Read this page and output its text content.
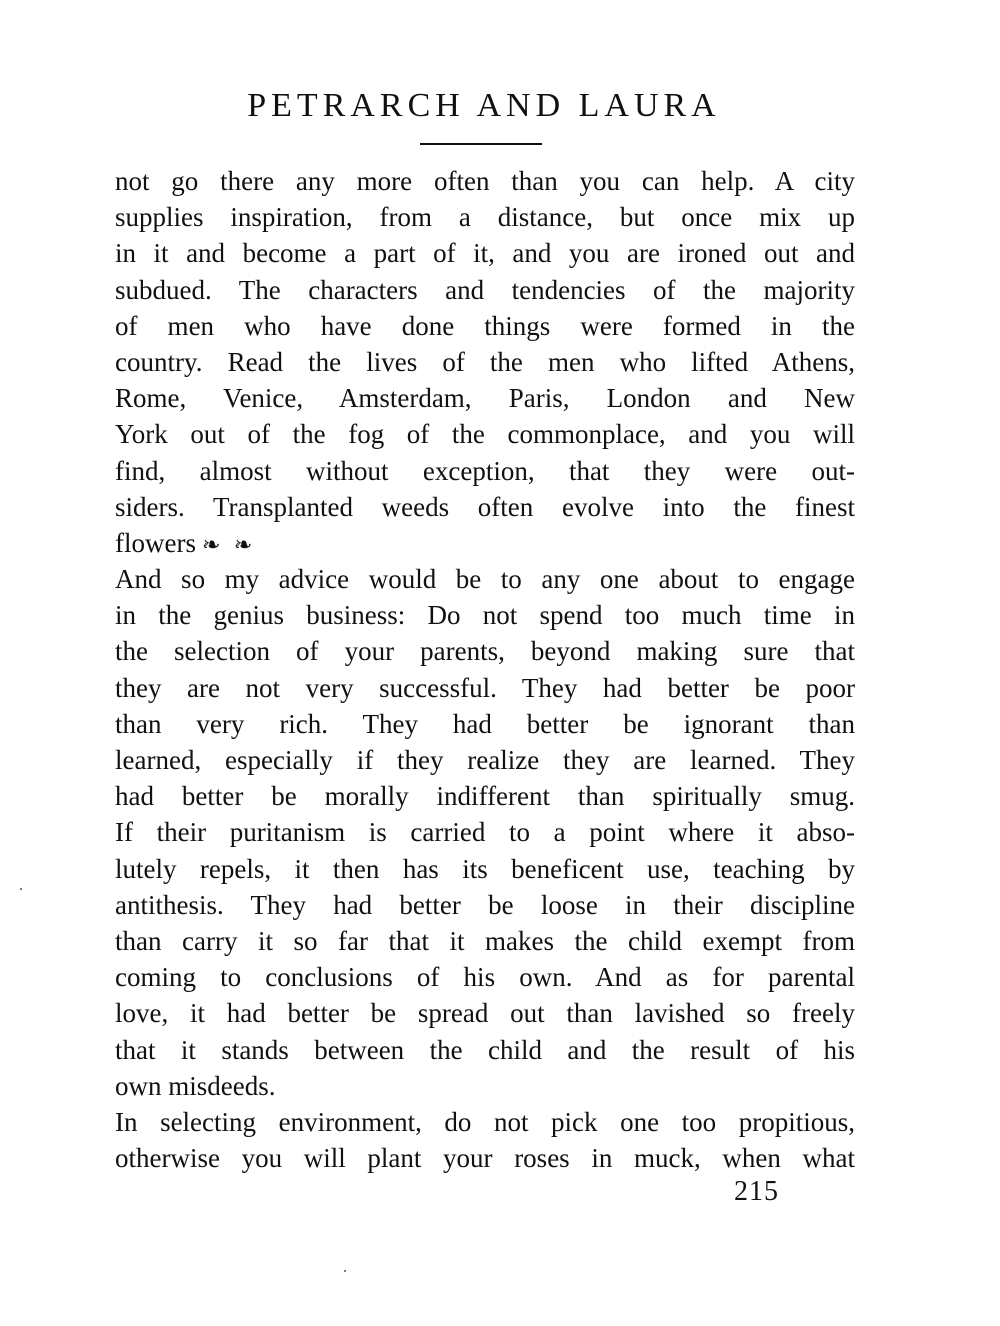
PETRARCH AND LAURA
not go there any more often than you can help. A city
supplies inspiration, from a distance, but once mix up
in it and become a part of it, and you are ironed out and
subdued. The characters and tendencies of the majority
of men who have done things were formed in the
country. Read the lives of the men who lifted Athens,
Rome, Venice, Amsterdam, Paris, London and New
York out of the fog of the commonplace, and you will
find, almost without exception, that they were out-
siders. Transplanted weeds often evolve into the finest
flowers ❧ ❧
And so my advice would be to any one about to engage
in the genius business: Do not spend too much time in
the selection of your parents, beyond making sure that
they are not very successful. They had better be poor
than very rich. They had better be ignorant than
learned, especially if they realize they are learned. They
had better be morally indifferent than spiritually smug.
If their puritanism is carried to a point where it abso-
lutely repels, it then has its beneficent use, teaching by
antithesis. They had better be loose in their discipline
than carry it so far that it makes the child exempt from
coming to conclusions of his own. And as for parental
love, it had better be spread out than lavished so freely
that it stands between the child and the result of his
own misdeeds.
In selecting environment, do not pick one too propitious,
otherwise you will plant your roses in muck, when what
215
